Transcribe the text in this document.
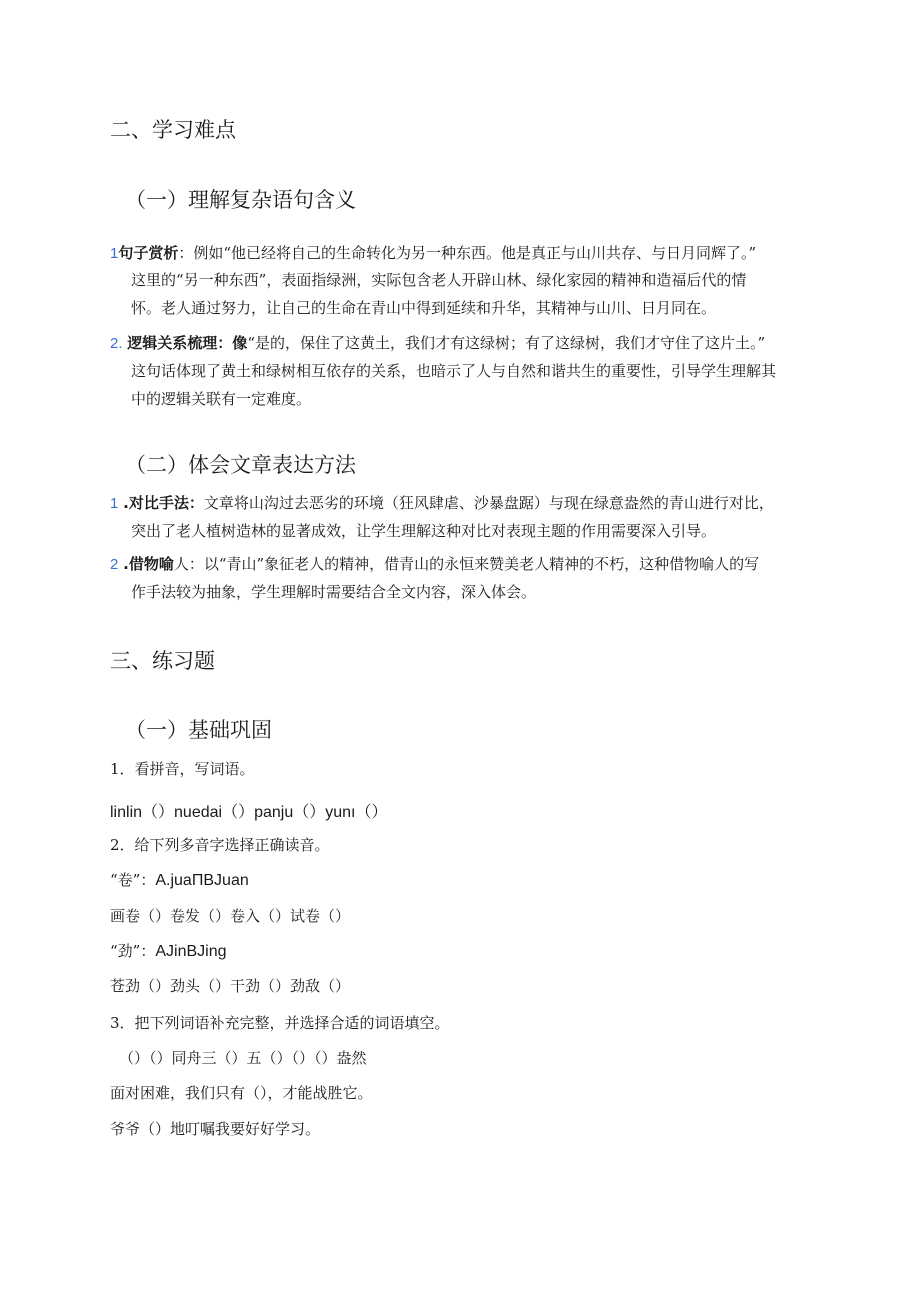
二、学习难点
（一）理解复杂语句含义
1句子赏析：例如“他已经将自己的生命转化为另一种东西。他是真正与山川共存、与日月同辉了。”
这里的“另一种东西”，表面指绿洲，实际包含老人开辟山林、绿化家园的精神和造福后代的情
怀。老人通过努力，让自己的生命在青山中得到延续和升华，其精神与山川、日月同在。
2. 逻辑关系梳理：像“是的，保住了这黄土，我们才有这绿树；有了这绿树，我们才守住了这片土。”
这句话体现了黄土和绿树相互依存的关系，也暗示了人与自然和谐共生的重要性，引导学生理解其
中的逻辑关联有一定难度。
（二）体会文章表达方法
1 .对比手法：文章将山沟过去恶劣的环境（狂风肆虐、沙暴盘踞）与现在绿意盎然的青山进行对比，
突出了老人植树造林的显著成效，让学生理解这种对比对表现主题的作用需要深入引导。
2 .借物喻人：以“青山”象征老人的精神，借青山的永恒来赞美老人精神的不朽，这种借物喻人的写
作手法较为抽象，学生理解时需要结合全文内容，深入体会。
三、练习题
（一）基础巩固
1．看拼音，写词语。
linlin（）nuedai（）panju（）yunı（）
2．给下列多音字选择正确读音。
“卷”：A.juaΠBJuan
画卷（）卷发（）卷入（）试卷（）
“劲”：AJinBJing
苍劲（）劲头（）干劲（）劲敌（）
3．把下列词语补充完整，并选择合适的词语填空。
（）（）同舟三（）五（）（）（）盎然
面对困难，我们只有（），才能战胜它。
爷爷（）地叮嘱我要好好学习。
